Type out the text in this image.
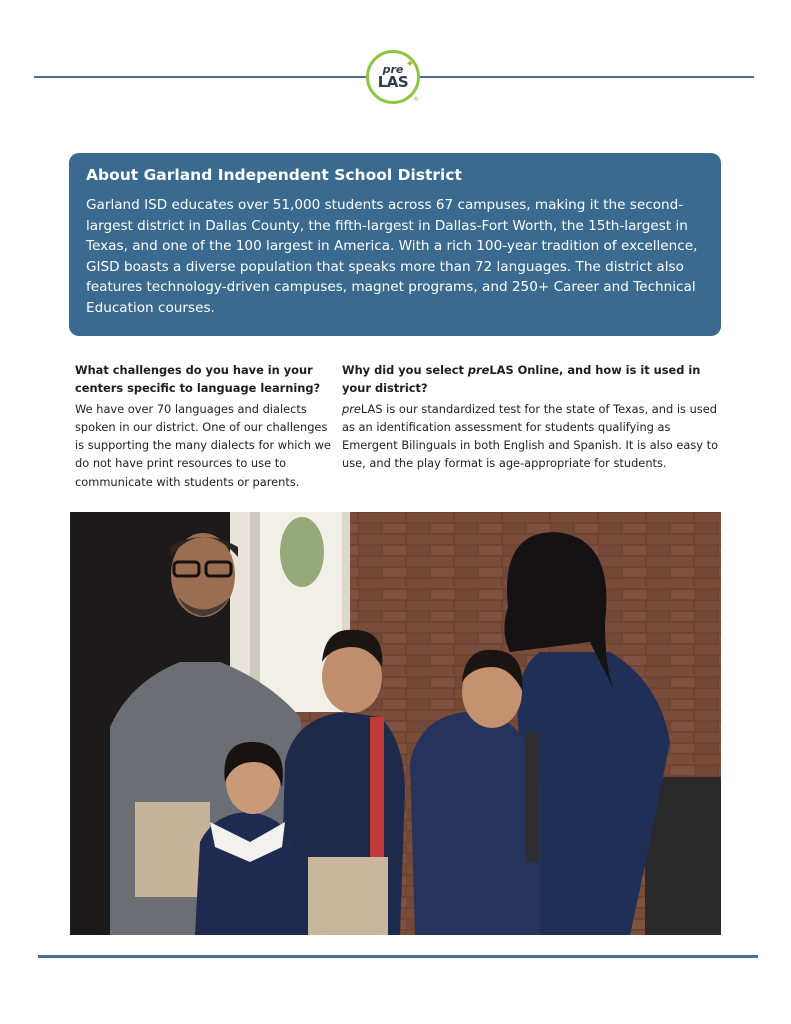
✦
pre
LAS
®
About Garland Independent School District

Garland ISD educates over 51,000 students across 67 campuses, making it the second-largest district in Dallas County, the fifth-largest in Dallas-Fort Worth, the 15th-largest in Texas, and one of the 100 largest in America. With a rich 100-year tradition of excellence, GISD boasts a diverse population that speaks more than 72 languages. The district also features technology-driven campuses, magnet programs, and 250+ Career and Technical Education courses.

What challenges do you have in your centers specific to language learning?
We have over 70 languages and dialects spoken in our district. One of our challenges is supporting the many dialects for which we do not have print resources to use to communicate with students or parents.
Why did you select preLAS Online, and how is it used in your district?
preLAS is our standardized test for the state of Texas, and is used as an identification assessment for students qualifying as Emergent Bilinguals in both English and Spanish. It is also easy to use, and the play format is age-appropriate for students.
